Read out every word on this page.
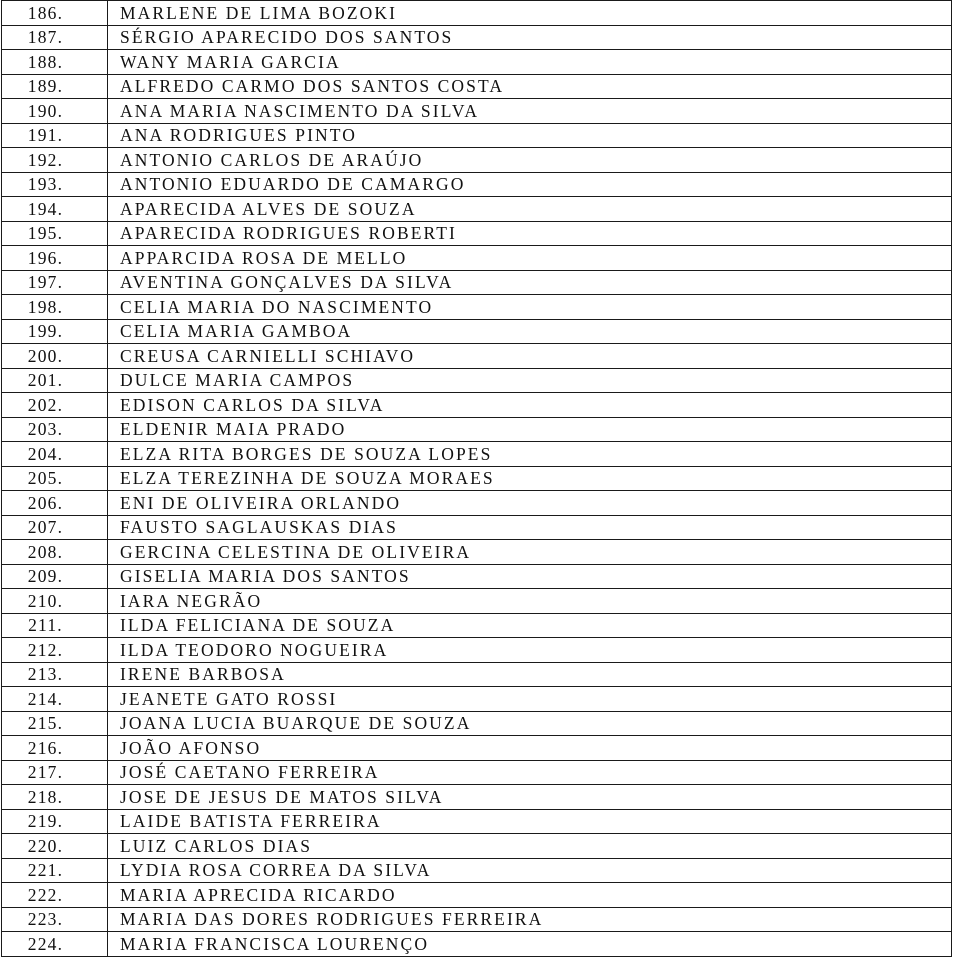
186.	MARLENE DE LIMA BOZOKI
187.	SÉRGIO APARECIDO DOS SANTOS
188.	WANY MARIA GARCIA
189.	ALFREDO CARMO DOS SANTOS COSTA
190.	ANA MARIA NASCIMENTO DA SILVA
191.	ANA RODRIGUES PINTO
192.	ANTONIO CARLOS DE ARAÚJO
193.	ANTONIO EDUARDO DE CAMARGO
194.	APARECIDA ALVES DE SOUZA
195.	APARECIDA RODRIGUES ROBERTI
196.	APPARCIDA ROSA DE MELLO
197.	AVENTINA GONÇALVES DA SILVA
198.	CELIA MARIA DO NASCIMENTO
199.	CELIA MARIA GAMBOA
200.	CREUSA CARNIELLI SCHIAVO
201.	DULCE MARIA CAMPOS
202.	EDISON CARLOS DA SILVA
203.	ELDENIR MAIA PRADO
204.	ELZA RITA BORGES DE SOUZA LOPES
205.	ELZA TEREZINHA DE SOUZA MORAES
206.	ENI DE OLIVEIRA ORLANDO
207.	FAUSTO SAGLAUSKAS DIAS
208.	GERCINA CELESTINA DE OLIVEIRA
209.	GISELIA MARIA DOS SANTOS
210.	IARA NEGRÃO
211.	ILDA FELICIANA DE SOUZA
212.	ILDA TEODORO NOGUEIRA
213.	IRENE BARBOSA
214.	JEANETE GATO ROSSI
215.	JOANA LUCIA BUARQUE DE SOUZA
216.	JOÃO AFONSO
217.	JOSÉ CAETANO FERREIRA
218.	JOSE DE JESUS DE MATOS SILVA
219.	LAIDE BATISTA FERREIRA
220.	LUIZ CARLOS DIAS
221.	LYDIA ROSA CORREA DA SILVA
222.	MARIA APRECIDA RICARDO
223.	MARIA DAS DORES RODRIGUES FERREIRA
224.	MARIA FRANCISCA LOURENÇO
